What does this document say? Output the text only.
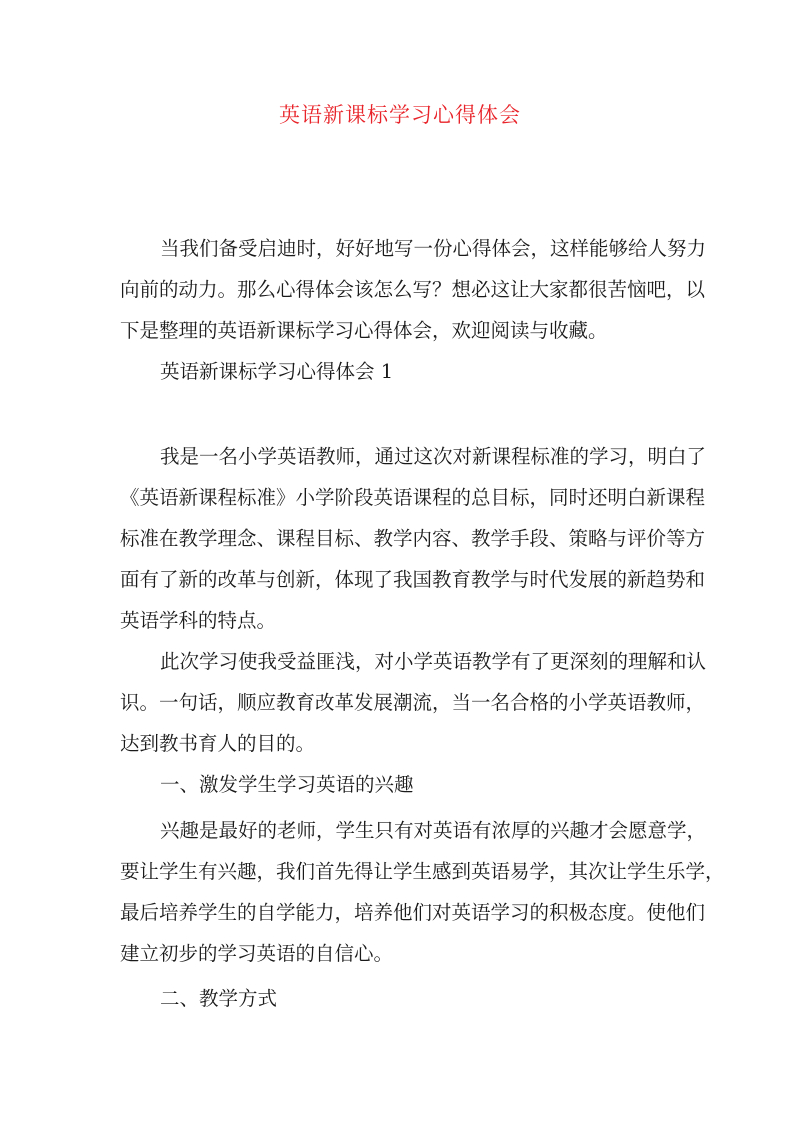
英语新课标学习心得体会
当我们备受启迪时，好好地写一份心得体会，这样能够给人努力
向前的动力。那么心得体会该怎么写？想必这让大家都很苦恼吧，以
下是整理的英语新课标学习心得体会，欢迎阅读与收藏。
英语新课标学习心得体会 1
我是一名小学英语教师，通过这次对新课程标准的学习，明白了
《英语新课程标准》小学阶段英语课程的总目标，同时还明白新课程
标准在教学理念、课程目标、教学内容、教学手段、策略与评价等方
面有了新的改革与创新，体现了我国教育教学与时代发展的新趋势和
英语学科的特点。
此次学习使我受益匪浅，对小学英语教学有了更深刻的理解和认
识。一句话，顺应教育改革发展潮流，当一名合格的小学英语教师，
达到教书育人的目的。
一、激发学生学习英语的兴趣
兴趣是最好的老师，学生只有对英语有浓厚的兴趣才会愿意学，
要让学生有兴趣，我们首先得让学生感到英语易学，其次让学生乐学，
最后培养学生的自学能力，培养他们对英语学习的积极态度。使他们
建立初步的学习英语的自信心。
二、教学方式
